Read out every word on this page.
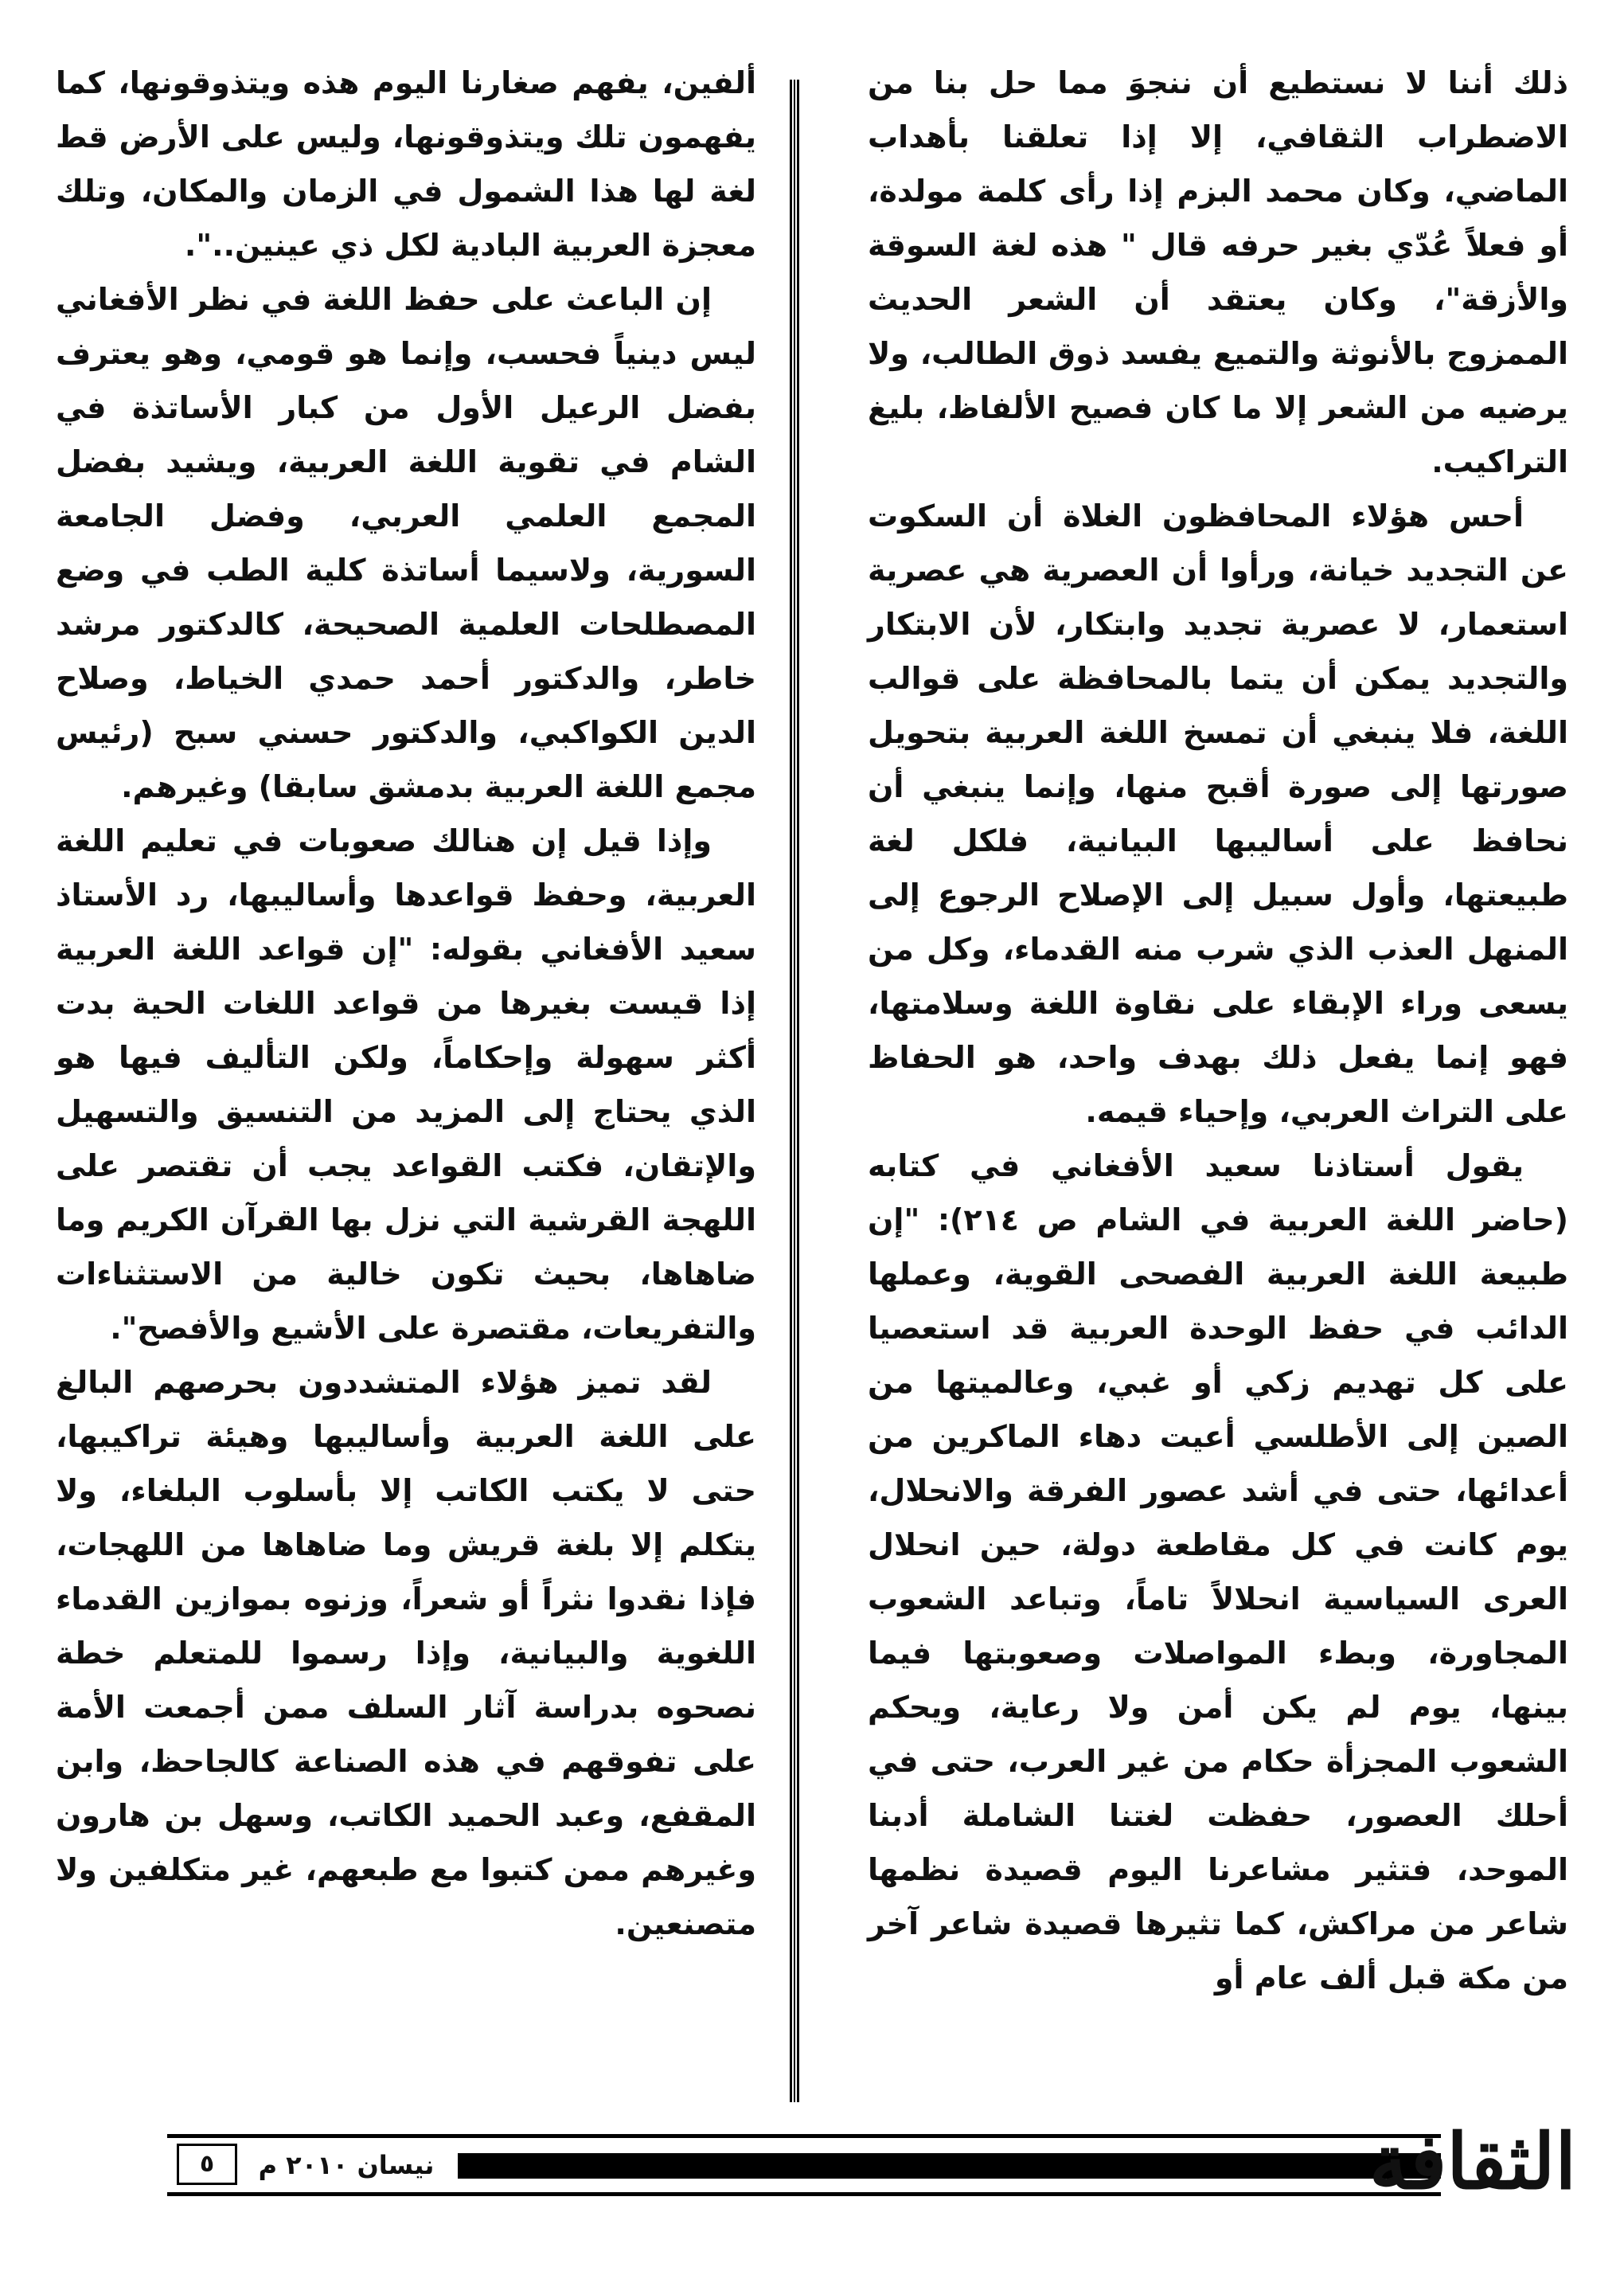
ذلك أننا لا نستطيع أن ننجوَ مما حل بنا من الاضطراب الثقافي، إلا إذا تعلقنا بأهداب الماضي، وكان محمد البزم إذا رأى كلمة مولدة، أو فعلاً عُدّي بغير حرفه قال " هذه لغة السوقة والأزقة"، وكان يعتقد أن الشعر الحديث الممزوج بالأنوثة والتميع يفسد ذوق الطالب، ولا يرضيه من الشعر إلا ما كان فصيح الألفاظ، بليغ التراكيب.

أحس هؤلاء المحافظون الغلاة أن السكوت عن التجديد خيانة، ورأوا أن العصرية هي عصرية استعمار، لا عصرية تجديد وابتكار، لأن الابتكار والتجديد يمكن أن يتما بالمحافظة على قوالب اللغة، فلا ينبغي أن تمسخ اللغة العربية بتحويل صورتها إلى صورة أقبح منها، وإنما ينبغي أن نحافظ على أساليبها البيانية، فلكل لغة طبيعتها، وأول سبيل إلى الإصلاح الرجوع إلى المنهل العذب الذي شرب منه القدماء، وكل من يسعى وراء الإبقاء على نقاوة اللغة وسلامتها، فهو إنما يفعل ذلك بهدف واحد، هو الحفاظ على التراث العربي، وإحياء قيمه.

يقول أستاذنا سعيد الأفغاني في كتابه (حاضر اللغة العربية في الشام ص ٢١٤): "إن طبيعة اللغة العربية الفصحى القوية، وعملها الدائب في حفظ الوحدة العربية قد استعصيا على كل تهديم زكي أو غبي، وعالميتها من الصين إلى الأطلسي أعيت دهاء الماكرين من أعدائها، حتى في أشد عصور الفرقة والانحلال، يوم كانت في كل مقاطعة دولة، حين انحلال العرى السياسية انحلالاً تاماً، وتباعد الشعوب المجاورة، وبطء المواصلات وصعوبتها فيما بينها، يوم لم يكن أمن ولا رعاية، ويحكم الشعوب المجزأة حكام من غير العرب، حتى في أحلك العصور، حفظت لغتنا الشاملة أدبنا الموحد، فتثير مشاعرنا اليوم قصيدة نظمها شاعر من مراكش، كما تثيرها قصيدة شاعر آخر من مكة قبل ألف عام أو

ألفين، يفهم صغارنا اليوم هذه ويتذوقونها، كما يفهمون تلك ويتذوقونها، وليس على الأرض قط لغة لها هذا الشمول في الزمان والمكان، وتلك معجزة العربية البادية لكل ذي عينين..".

إن الباعث على حفظ اللغة في نظر الأفغاني ليس دينياً فحسب، وإنما هو قومي، وهو يعترف بفضل الرعيل الأول من كبار الأساتذة في الشام في تقوية اللغة العربية، ويشيد بفضل المجمع العلمي العربي، وفضل الجامعة السورية، ولاسيما أساتذة كلية الطب في وضع المصطلحات العلمية الصحيحة، كالدكتور مرشد خاطر، والدكتور أحمد حمدي الخياط، وصلاح الدين الكواكبي، والدكتور حسني سبح (رئيس مجمع اللغة العربية بدمشق سابقا) وغيرهم.

وإذا قيل إن هنالك صعوبات في تعليم اللغة العربية، وحفظ قواعدها وأساليبها، رد الأستاذ سعيد الأفغاني بقوله: "إن قواعد اللغة العربية إذا قيست بغيرها من قواعد اللغات الحية بدت أكثر سهولة وإحكاماً، ولكن التأليف فيها هو الذي يحتاج إلى المزيد من التنسيق والتسهيل والإتقان، فكتب القواعد يجب أن تقتصر على اللهجة القرشية التي نزل بها القرآن الكريم وما ضاهاها، بحيث تكون خالية من الاستثناءات والتفريعات، مقتصرة على الأشيع والأفصح".

لقد تميز هؤلاء المتشددون بحرصهم البالغ على اللغة العربية وأساليبها وهيئة تراكيبها، حتى لا يكتب الكاتب إلا بأسلوب البلغاء، ولا يتكلم إلا بلغة قريش وما ضاهاها من اللهجات، فإذا نقدوا نثراً أو شعراً، وزنوه بموازين القدماء اللغوية والبيانية، وإذا رسموا للمتعلم خطة نصحوه بدراسة آثار السلف ممن أجمعت الأمة على تفوقهم في هذه الصناعة كالجاحظ، وابن المقفع، وعبد الحميد الكاتب، وسهل بن هارون وغيرهم ممن كتبوا مع طبعهم، غير متكلفين ولا متصنعين.

نيسان ٢٠١٠ م
٥	الثقافة
